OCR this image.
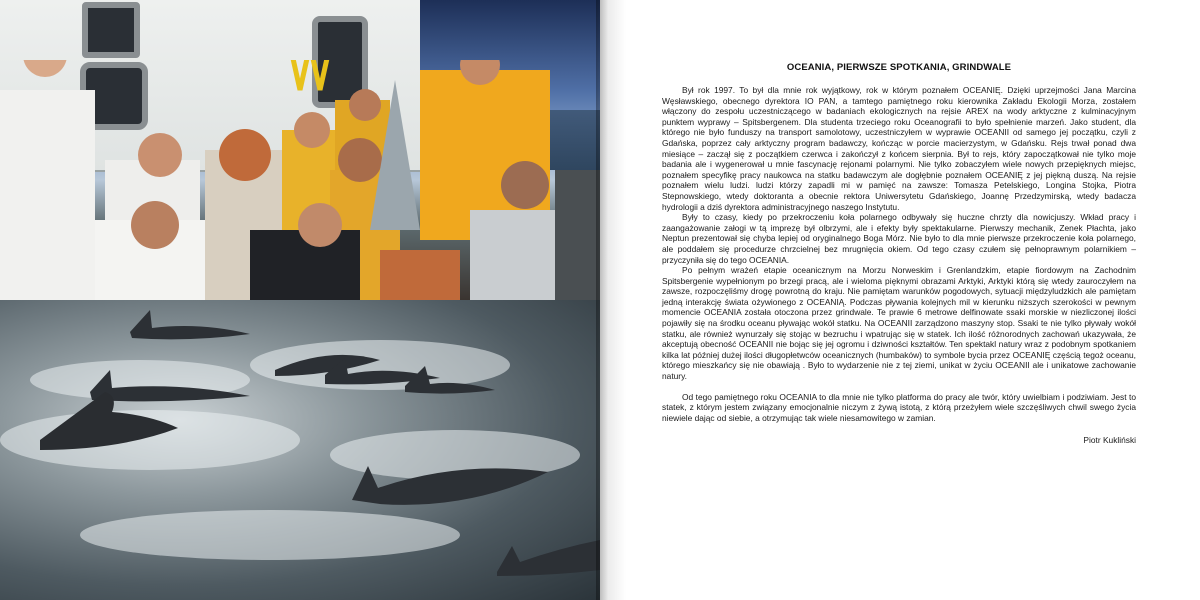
OCEANIA, PIERWSZE SPOTKANIA, GRINDWALE

Był rok 1997. To był dla mnie rok wyjątkowy, rok w którym poznałem OCEANIĘ. Dzięki uprzejmości Jana Marcina Węsławskiego, obecnego dyrektora IO PAN, a tamtego pamiętnego roku kierownika Zakładu Ekologii Morza, zostałem włączony do zespołu uczestniczącego w badaniach ekologicznych na rejsie AREX na wody arktyczne z kulminacyjnym punktem wyprawy – Spitsbergenem. Dla studenta trzeciego roku Oceanografii to było spełnienie marzeń. Jako student, dla którego nie było funduszy na transport samolotowy, uczestniczyłem w wyprawie OCEANII od samego jej początku, czyli z Gdańska, poprzez cały arktyczny program badawczy, kończąc w porcie macierzystym, w Gdańsku. Rejs trwał ponad dwa miesiące – zaczął się z początkiem czerwca i zakończył z końcem sierpnia. Był to rejs, który zapoczątkował nie tylko moje badania ale i wygenerował u mnie fascynację rejonami polarnymi. Nie tylko zobaczyłem wiele nowych przepięknych miejsc, poznałem specyfikę pracy naukowca na statku badawczym ale dogłębnie poznałem OCEANIĘ z jej piękną duszą. Na rejsie poznałem wielu ludzi. ludzi którzy zapadli mi w pamięć na zawsze: Tomasza Petelskiego, Longina Stojka, Piotra Stepnowskiego, wtedy doktoranta a obecnie rektora Uniwersytetu Gdańskiego, Joannę Przedzymirską, wtedy badacza hydrologii a dziś dyrektora administracyjnego naszego Instytutu.

Były to czasy, kiedy po przekroczeniu koła polarnego odbywały się huczne chrzty dla nowicjuszy. Wkład pracy i zaangażowanie załogi w tą imprezę był olbrzymi, ale i efekty były spektakularne. Pierwszy mechanik, Zenek Płachta, jako Neptun prezentował się chyba lepiej od oryginalnego Boga Mórz. Nie było to dla mnie pierwsze przekroczenie koła polarnego, ale poddałem się procedurze chrzcielnej bez mrugnięcia okiem. Od tego czasy czułem się pełnoprawnym polarnikiem – przyczyniła się do tego OCEANIA.

Po pełnym wrażeń etapie oceanicznym na Morzu Norweskim i Grenlandzkim, etapie fiordowym na Zachodnim Spitsbergenie wypełnionym po brzegi pracą, ale i wieloma pięknymi obrazami Arktyki, Arktyki którą się wtedy zauroczyłem na zawsze, rozpoczęliśmy drogę powrotną do kraju. Nie pamiętam warunków pogodowych, sytuacji międzyludzkich ale pamiętam jedną interakcję świata ożywionego z OCEANIĄ. Podczas pływania kolejnych mil w kierunku niższych szerokości w pewnym momencie OCEANIA została otoczona przez grindwale. Te prawie 6 metrowe delfinowate ssaki morskie w niezliczonej ilości pojawiły się na środku oceanu pływając wokół statku. Na OCEANII zarządzono maszyny stop. Ssaki te nie tylko pływały wokół statku, ale również wynurzały się stojąc w bezruchu i wpatrując się w statek. Ich ilość różnorodnych zachowań ukazywała, że akceptują obecność OCEANII nie bojąc się jej ogromu i dziwności kształtów. Ten spektakl natury wraz z podobnym spotkaniem kilka lat później dużej ilości długopłetwców oceanicznych (humbaków) to symbole bycia przez OCEANIĘ częścią tegoż oceanu, którego mieszkańcy się nie obawiają . Było to wydarzenie nie z tej ziemi, unikat w życiu OCEANII ale i unikatowe zachowanie natury.

Od tego pamiętnego roku OCEANIA to dla mnie nie tylko platforma do pracy ale twór, który uwielbiam i podziwiam. Jest to statek, z którym jestem związany emocjonalnie niczym z żywą istotą, z którą przeżyłem wiele szczęśliwych chwil swego życia niewiele dając od siebie, a otrzymując tak wiele niesamowitego w zamian.

Piotr Kukliński
